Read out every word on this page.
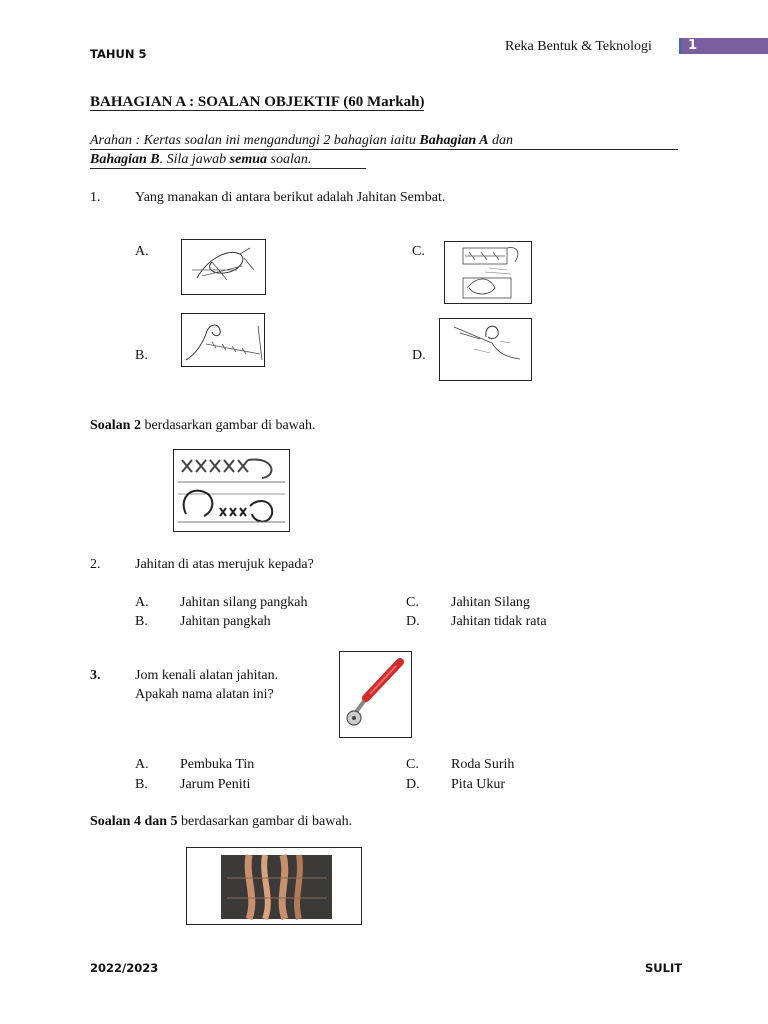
TAHUN 5	Reka Bentuk & Teknologi	1
BAHAGIAN A : SOALAN OBJEKTIF (60 Markah)
Arahan : Kertas soalan ini mengandungi 2 bahagian iaitu Bahagian A dan
Bahagian B. Sila jawab semua soalan.
1. Yang manakan di antara berikut adalah Jahitan Sembat.
A.	C.
B.	D.
Soalan 2 berdasarkan gambar di bawah.
2. Jahitan di atas merujuk kepada?
A. Jahitan silang pangkah
B. Jahitan pangkah
C. Jahitan Silang
D. Jahitan tidak rata
3. Jom kenali alatan jahitan.
Apakah nama alatan ini?
A. Pembuka Tin
B. Jarum Peniti
C. Roda Surih
D. Pita Ukur
Soalan 4 dan 5 berdasarkan gambar di bawah.
2022/2023	SULIT
